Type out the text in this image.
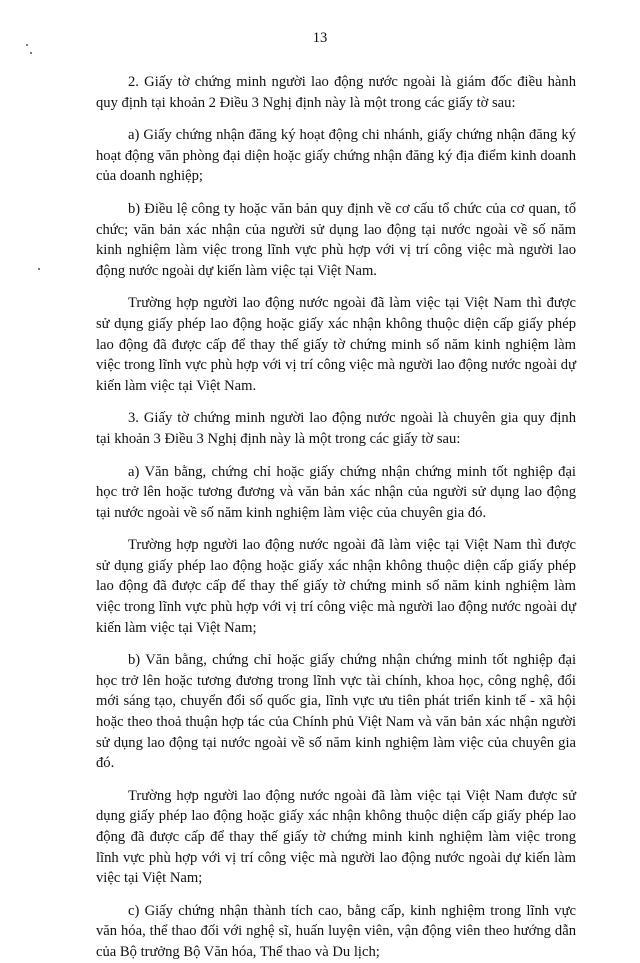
13

2. Giấy tờ chứng minh người lao động nước ngoài là giám đốc điều hành quy định tại khoản 2 Điều 3 Nghị định này là một trong các giấy tờ sau:

a) Giấy chứng nhận đăng ký hoạt động chi nhánh, giấy chứng nhận đăng ký hoạt động văn phòng đại diện hoặc giấy chứng nhận đăng ký địa điểm kinh doanh của doanh nghiệp;

b) Điều lệ công ty hoặc văn bản quy định về cơ cấu tổ chức của cơ quan, tổ chức; văn bản xác nhận của người sử dụng lao động tại nước ngoài về số năm kinh nghiệm làm việc trong lĩnh vực phù hợp với vị trí công việc mà người lao động nước ngoài dự kiến làm việc tại Việt Nam.

Trường hợp người lao động nước ngoài đã làm việc tại Việt Nam thì được sử dụng giấy phép lao động hoặc giấy xác nhận không thuộc diện cấp giấy phép lao động đã được cấp để thay thế giấy tờ chứng minh số năm kinh nghiệm làm việc trong lĩnh vực phù hợp với vị trí công việc mà người lao động nước ngoài dự kiến làm việc tại Việt Nam.

3. Giấy tờ chứng minh người lao động nước ngoài là chuyên gia quy định tại khoản 3 Điều 3 Nghị định này là một trong các giấy tờ sau:

a) Văn bằng, chứng chỉ hoặc giấy chứng nhận chứng minh tốt nghiệp đại học trở lên hoặc tương đương và văn bản xác nhận của người sử dụng lao động tại nước ngoài về số năm kinh nghiệm làm việc của chuyên gia đó.

Trường hợp người lao động nước ngoài đã làm việc tại Việt Nam thì được sử dụng giấy phép lao động hoặc giấy xác nhận không thuộc diện cấp giấy phép lao động đã được cấp để thay thế giấy tờ chứng minh số năm kinh nghiệm làm việc trong lĩnh vực phù hợp với vị trí công việc mà người lao động nước ngoài dự kiến làm việc tại Việt Nam;

b) Văn bằng, chứng chỉ hoặc giấy chứng nhận chứng minh tốt nghiệp đại học trở lên hoặc tương đương trong lĩnh vực tài chính, khoa học, công nghệ, đổi mới sáng tạo, chuyển đổi số quốc gia, lĩnh vực ưu tiên phát triển kinh tế - xã hội hoặc theo thoả thuận hợp tác của Chính phủ Việt Nam và văn bản xác nhận người sử dụng lao động tại nước ngoài về số năm kinh nghiệm làm việc của chuyên gia đó.

Trường hợp người lao động nước ngoài đã làm việc tại Việt Nam được sử dụng giấy phép lao động hoặc giấy xác nhận không thuộc diện cấp giấy phép lao động đã được cấp để thay thế giấy tờ chứng minh kinh nghiệm làm việc trong lĩnh vực phù hợp với vị trí công việc mà người lao động nước ngoài dự kiến làm việc tại Việt Nam;

c) Giấy chứng nhận thành tích cao, bằng cấp, kinh nghiệm trong lĩnh vực văn hóa, thể thao đối với nghệ sĩ, huấn luyện viên, vận động viên theo hướng dẫn của Bộ trưởng Bộ Văn hóa, Thể thao và Du lịch;
